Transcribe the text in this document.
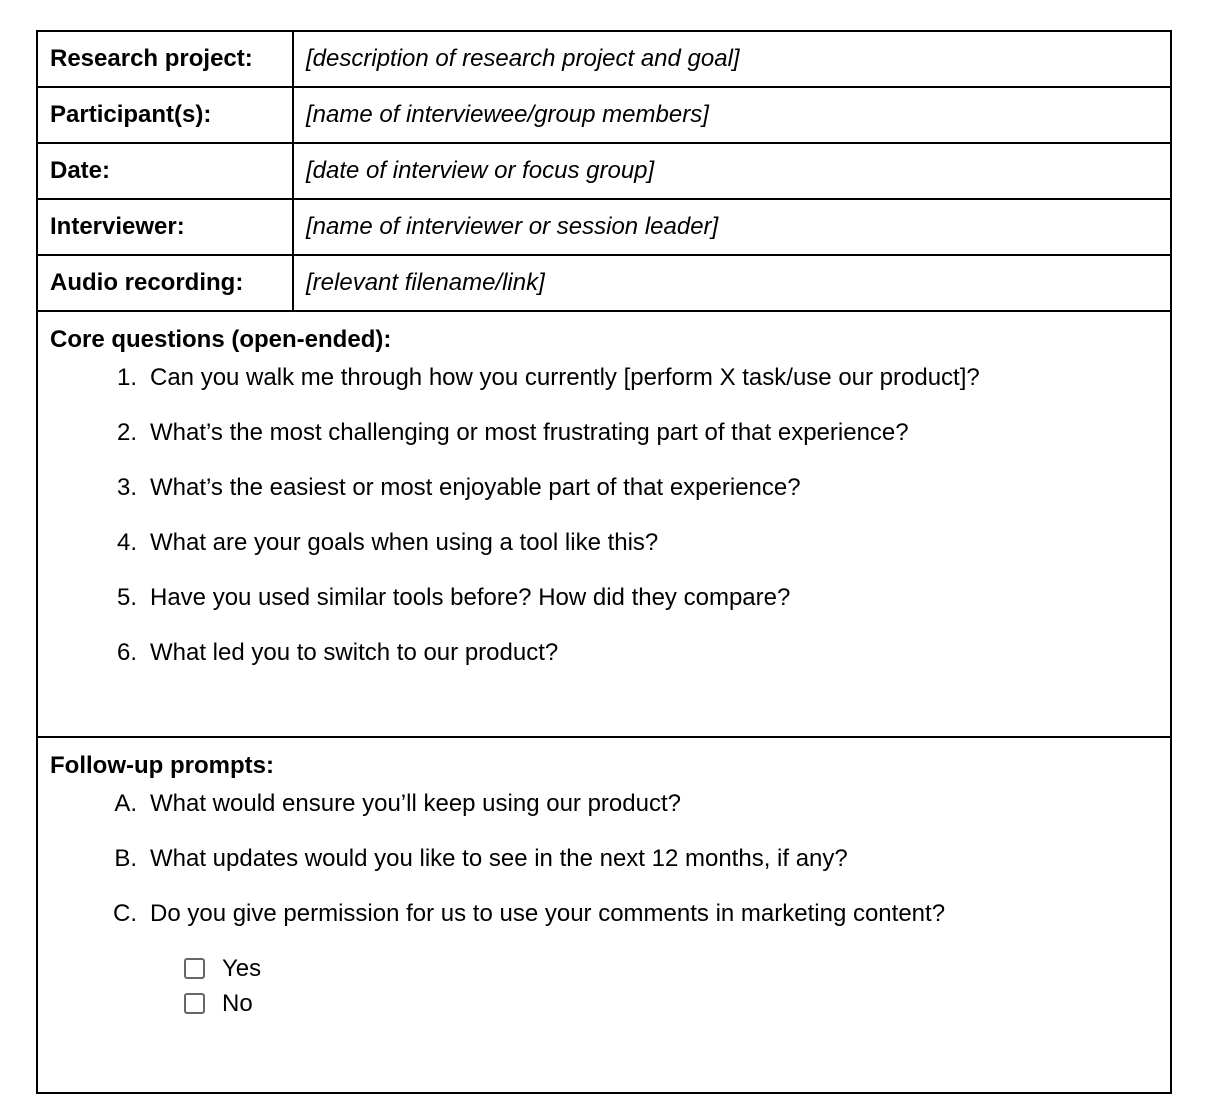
Research project:	[description of research project and goal]
Participant(s):	[name of interviewee/group members]
Date:	[date of interview or focus group]
Interviewer:	[name of interviewer or session leader]
Audio recording:	[relevant filename/link]

Core questions (open-ended):
1. Can you walk me through how you currently [perform X task/use our product]?
2. What’s the most challenging or most frustrating part of that experience?
3. What’s the easiest or most enjoyable part of that experience?
4. What are your goals when using a tool like this?
5. Have you used similar tools before? How did they compare?
6. What led you to switch to our product?

Follow-up prompts:
A. What would ensure you’ll keep using our product?
B. What updates would you like to see in the next 12 months, if any?
C. Do you give permission for us to use your comments in marketing content?
Yes
No
